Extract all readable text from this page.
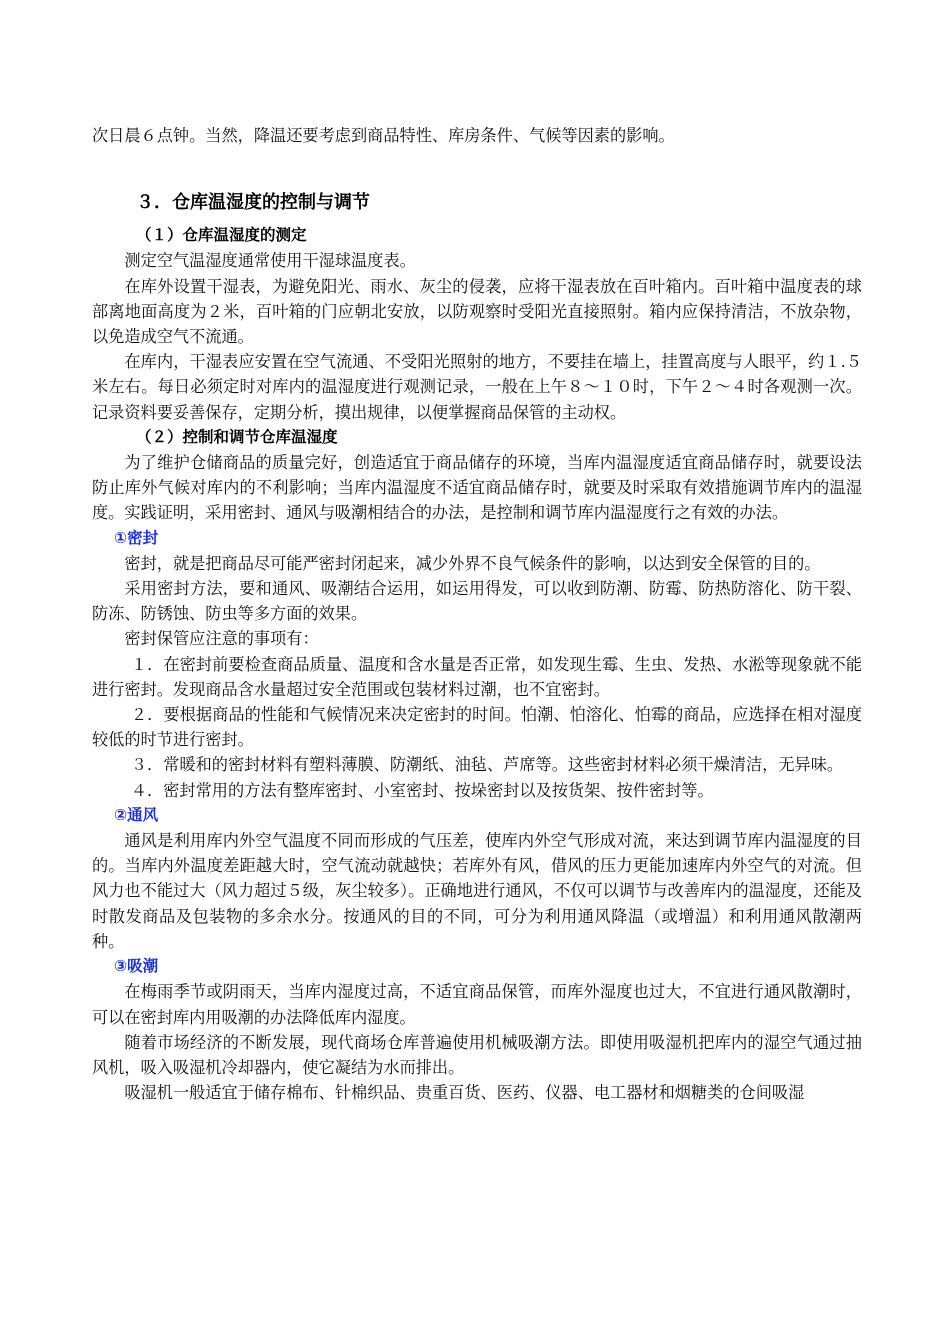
次日晨６点钟。当然，降温还要考虑到商品特性、库房条件、气候等因素的影响。

３．仓库温湿度的控制与调节
（１）仓库温湿度的测定

测定空气温湿度通常使用干湿球温度表。

在库外设置干湿表，为避免阳光、雨水、灰尘的侵袭，应将干湿表放在百叶箱内。百叶箱中温度表的球部离地面高度为２米，百叶箱的门应朝北安放，以防观察时受阳光直接照射。箱内应保持清洁，不放杂物，以免造成空气不流通。

在库内，干湿表应安置在空气流通、不受阳光照射的地方，不要挂在墙上，挂置高度与人眼平，约１.５米左右。每日必须定时对库内的温湿度进行观测记录，一般在上午８～１０时，下午２～４时各观测一次。记录资料要妥善保存，定期分析，摸出规律，以便掌握商品保管的主动权。

（２）控制和调节仓库温湿度

为了维护仓储商品的质量完好，创造适宜于商品储存的环境，当库内温湿度适宜商品储存时，就要设法防止库外气候对库内的不利影响；当库内温湿度不适宜商品储存时，就要及时采取有效措施调节库内的温湿度。实践证明，采用密封、通风与吸潮相结合的办法，是控制和调节库内温湿度行之有效的办法。

①密封

密封，就是把商品尽可能严密封闭起来，减少外界不良气候条件的影响，以达到安全保管的目的。

采用密封方法，要和通风、吸潮结合运用，如运用得发，可以收到防潮、防霉、防热防溶化、防干裂、防冻、防锈蚀、防虫等多方面的效果。

密封保管应注意的事项有：

１．在密封前要检查商品质量、温度和含水量是否正常，如发现生霉、生虫、发热、水淞等现象就不能进行密封。发现商品含水量超过安全范围或包装材料过潮，也不宜密封。

２．要根据商品的性能和气候情况来决定密封的时间。怕潮、怕溶化、怕霉的商品，应选择在相对湿度较低的时节进行密封。

３．常暖和的密封材料有塑料薄膜、防潮纸、油毡、芦席等。这些密封材料必须干燥清洁，无异味。

４．密封常用的方法有整库密封、小室密封、按垛密封以及按货架、按件密封等。

②通风

通风是利用库内外空气温度不同而形成的气压差，使库内外空气形成对流，来达到调节库内温湿度的目的。当库内外温度差距越大时，空气流动就越快；若库外有风，借风的压力更能加速库内外空气的对流。但风力也不能过大（风力超过５级，灰尘较多）。正确地进行通风，不仅可以调节与改善库内的温湿度，还能及时散发商品及包装物的多余水分。按通风的目的不同，可分为利用通风降温（或增温）和利用通风散潮两种。

③吸潮

在梅雨季节或阴雨天，当库内湿度过高，不适宜商品保管，而库外湿度也过大，不宜进行通风散潮时，可以在密封库内用吸潮的办法降低库内湿度。

随着市场经济的不断发展，现代商场仓库普遍使用机械吸潮方法。即使用吸湿机把库内的湿空气通过抽风机，吸入吸湿机冷却器内，使它凝结为水而排出。

吸湿机一般适宜于储存棉布、针棉织品、贵重百货、医药、仪器、电工器材和烟糖类的仓间吸湿
